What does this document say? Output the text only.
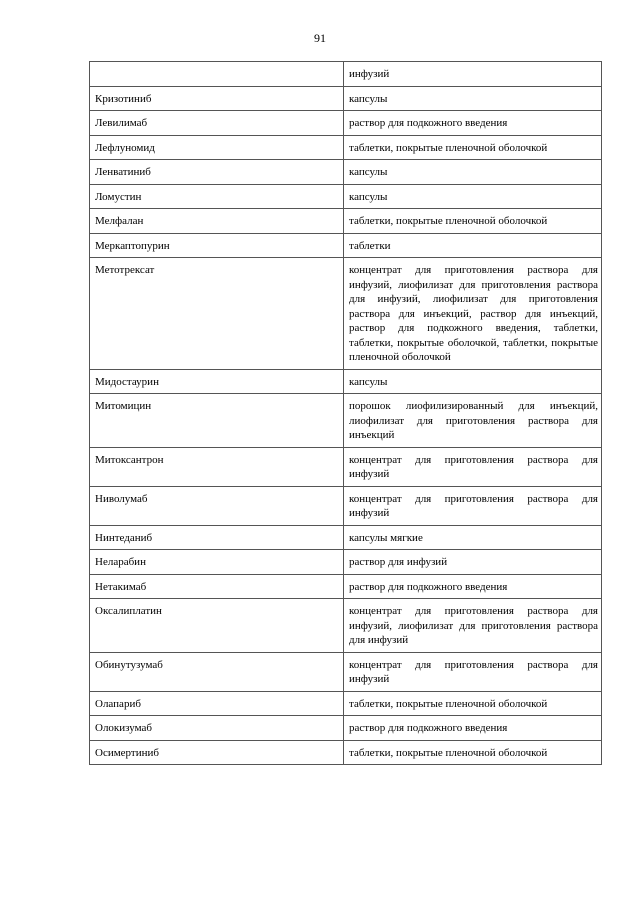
91
	инфузий
Кризотиниб	капсулы
Левилимаб	раствор для подкожного введения
Лефлуномид	таблетки, покрытые пленочной оболочкой
Ленватиниб	капсулы
Ломустин	капсулы
Мелфалан	таблетки, покрытые пленочной оболочкой
Меркаптопурин	таблетки
Метотрексат	концентрат для приготовления раствора для инфузий, лиофилизат для приготовления раствора для инфузий, лиофилизат для приготовления раствора для инъекций, раствор для инъекций, раствор для подкожного введения, таблетки, таблетки, покрытые оболочкой, таблетки, покрытые пленочной оболочкой
Мидостаурин	капсулы
Митомицин	порошок лиофилизированный для инъекций, лиофилизат для приготовления раствора для инъекций
Митоксантрон	концентрат для приготовления раствора для инфузий
Ниволумаб	концентрат для приготовления раствора для инфузий
Нинтеданиб	капсулы мягкие
Неларабин	раствор для инфузий
Нетакимаб	раствор для подкожного введения
Оксалиплатин	концентрат для приготовления раствора для инфузий, лиофилизат для приготовления раствора для инфузий
Обинутузумаб	концентрат для приготовления раствора для инфузий
Олапариб	таблетки, покрытые пленочной оболочкой
Олокизумаб	раствор для подкожного введения
Осимертиниб	таблетки, покрытые пленочной оболочкой
